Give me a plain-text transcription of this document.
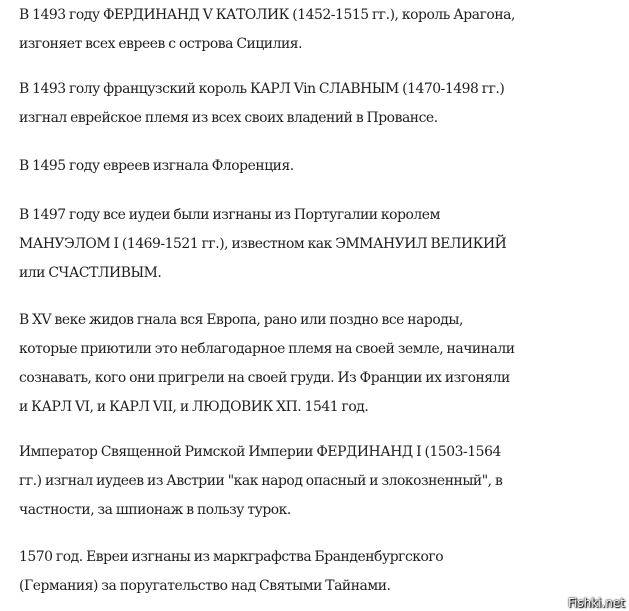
В 1493 году ФЕРДИНАНД V КАТОЛИК (1452-1515 гг.), король Арагона,
изгоняет всех евреев с острова Сицилия.

В 1493 голу французский король КАРЛ Vin СЛАВНЫМ (1470-1498 гг.)
изгнал еврейское племя из всех своих владений в Провансе.

В 1495 году евреев изгнала Флоренция.

В 1497 году все иудеи были изгнаны из Португалии королем
МАНУЭЛОМ I (1469-1521 гг.), известном как ЭММАНУИЛ ВЕЛИКИЙ
или СЧАСТЛИВЫМ.

В XV веке жидов гнала вся Европа, рано или поздно все народы,
которые приютили это неблагодарное племя на своей земле, начинали
сознавать, кого они пригрели на своей груди. Из Франции их изгоняли
и КАРЛ VI, и КАРЛ VII, и ЛЮДОВИК ХП. 1541 год.

Император Священной Римской Империи ФЕРДИНАНД I (1503-1564
гг.) изгнал иудеев из Австрии "как народ опасный и злокозненный", в
частности, за шпионаж в пользу турок.

1570 год. Евреи изгнаны из маркграфства Бранденбургского
(Германия) за поругательство над Святыми Тайнами.

Fishki.net
